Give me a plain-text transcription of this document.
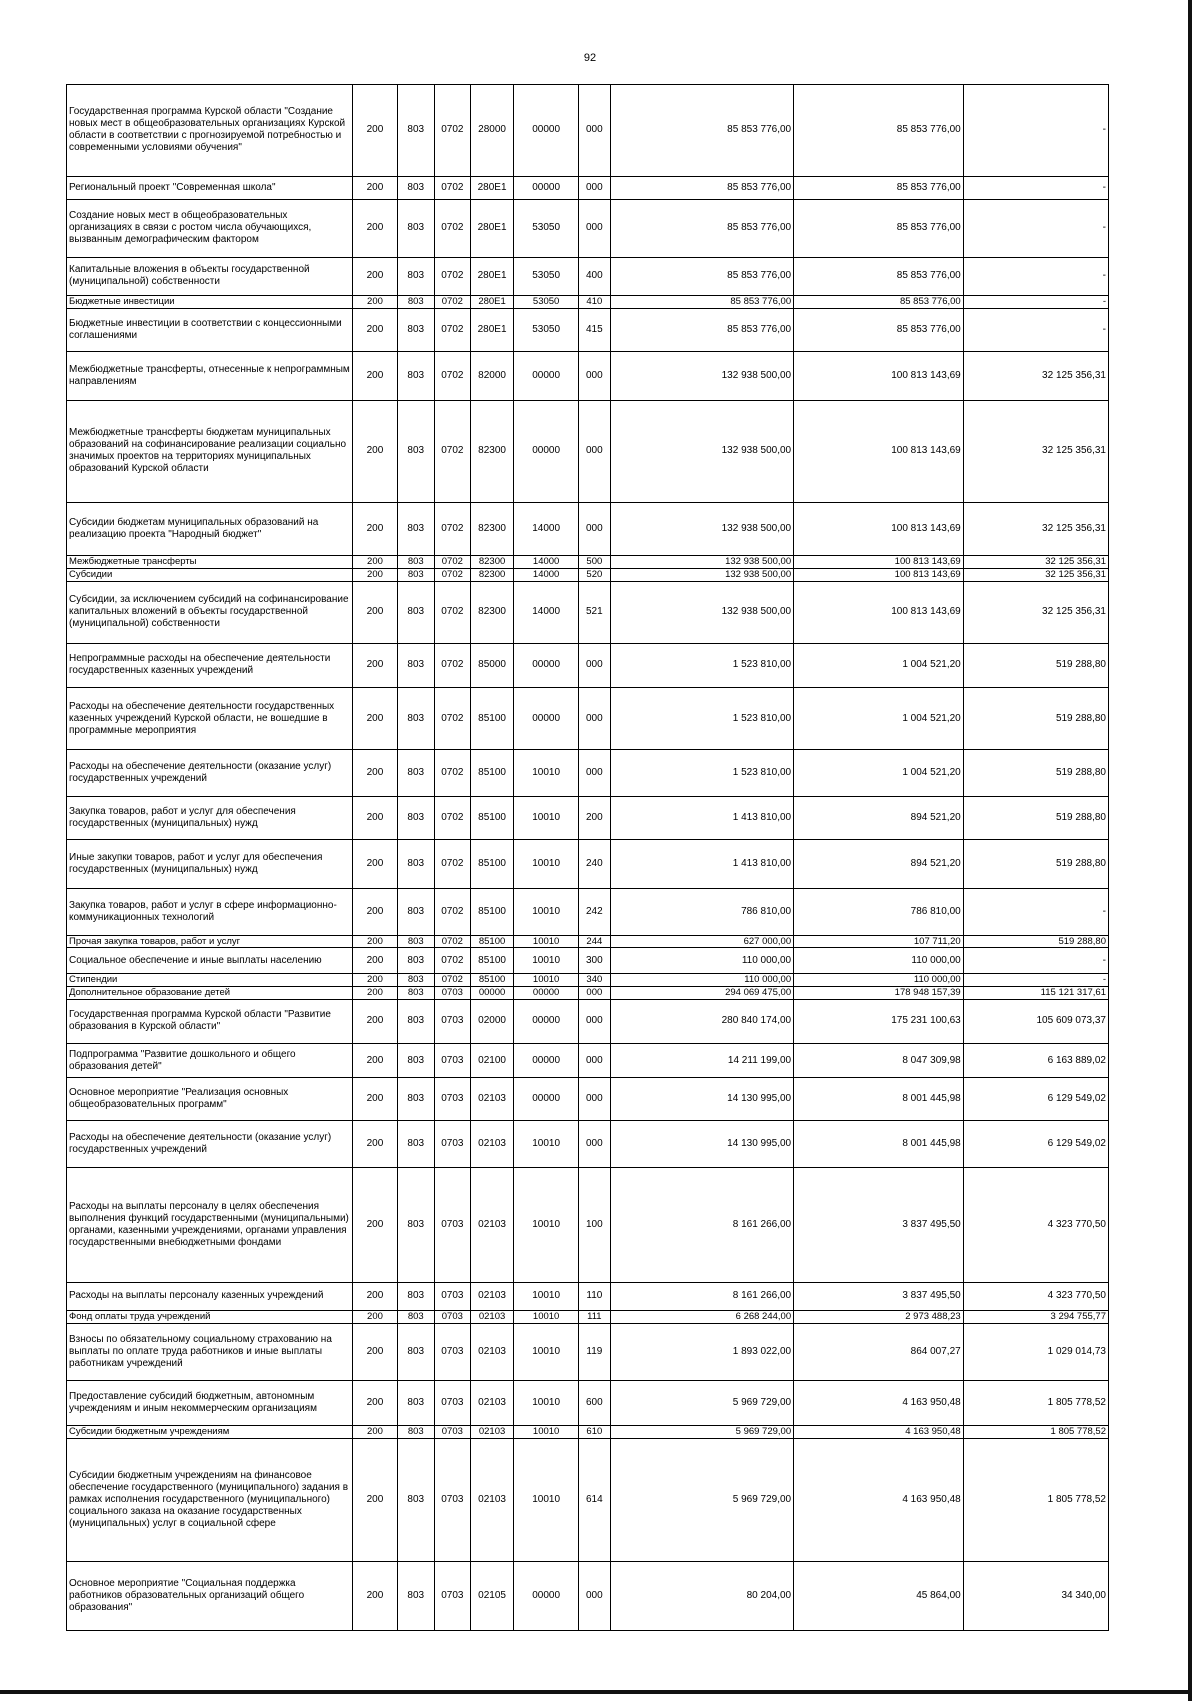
92
Государственная программа Курской области "Создание новых мест в общеобразовательных организациях Курской области в соответствии с прогнозируемой потребностью и современными условиями обучения"	200	803	0702	28000	00000	000	85 853 776,00	85 853 776,00	-
Региональный проект "Современная школа"	200	803	0702	280E1	00000	000	85 853 776,00	85 853 776,00	-
Создание новых мест в общеобразовательных организациях в связи с ростом числа обучающихся, вызванным демографическим фактором	200	803	0702	280E1	53050	000	85 853 776,00	85 853 776,00	-
Капитальные вложения в объекты государственной (муниципальной) собственности	200	803	0702	280E1	53050	400	85 853 776,00	85 853 776,00	-
Бюджетные инвестиции	200	803	0702	280E1	53050	410	85 853 776,00	85 853 776,00	-
Бюджетные инвестиции в соответствии с концессионными соглашениями	200	803	0702	280E1	53050	415	85 853 776,00	85 853 776,00	-
Межбюджетные трансферты, отнесенные к непрограммным направлениям	200	803	0702	82000	00000	000	132 938 500,00	100 813 143,69	32 125 356,31
Межбюджетные трансферты бюджетам муниципальных образований на софинансирование реализации социально значимых проектов на территориях муниципальных образований Курской области	200	803	0702	82300	00000	000	132 938 500,00	100 813 143,69	32 125 356,31
Субсидии бюджетам муниципальных образований на реализацию проекта "Народный бюджет"	200	803	0702	82300	14000	000	132 938 500,00	100 813 143,69	32 125 356,31
Межбюджетные трансферты	200	803	0702	82300	14000	500	132 938 500,00	100 813 143,69	32 125 356,31
Субсидии	200	803	0702	82300	14000	520	132 938 500,00	100 813 143,69	32 125 356,31
Субсидии, за исключением субсидий на софинансирование капитальных вложений в объекты государственной (муниципальной) собственности	200	803	0702	82300	14000	521	132 938 500,00	100 813 143,69	32 125 356,31
Непрограммные расходы на обеспечение деятельности государственных казенных учреждений	200	803	0702	85000	00000	000	1 523 810,00	1 004 521,20	519 288,80
Расходы на обеспечение деятельности государственных казенных учреждений Курской области, не вошедшие в программные мероприятия	200	803	0702	85100	00000	000	1 523 810,00	1 004 521,20	519 288,80
Расходы на обеспечение деятельности (оказание услуг) государственных учреждений	200	803	0702	85100	10010	000	1 523 810,00	1 004 521,20	519 288,80
Закупка товаров, работ и услуг для обеспечения государственных (муниципальных) нужд	200	803	0702	85100	10010	200	1 413 810,00	894 521,20	519 288,80
Иные закупки товаров, работ и услуг для обеспечения государственных (муниципальных) нужд	200	803	0702	85100	10010	240	1 413 810,00	894 521,20	519 288,80
Закупка товаров, работ и услуг в сфере информационно-коммуникационных технологий	200	803	0702	85100	10010	242	786 810,00	786 810,00	-
Прочая закупка товаров, работ и услуг	200	803	0702	85100	10010	244	627 000,00	107 711,20	519 288,80
Социальное обеспечение и иные выплаты населению	200	803	0702	85100	10010	300	110 000,00	110 000,00	-
Стипендии	200	803	0702	85100	10010	340	110 000,00	110 000,00	-
Дополнительное образование детей	200	803	0703	00000	00000	000	294 069 475,00	178 948 157,39	115 121 317,61
Государственная программа Курской области "Развитие образования в Курской области"	200	803	0703	02000	00000	000	280 840 174,00	175 231 100,63	105 609 073,37
Подпрограмма "Развитие дошкольного и общего образования детей"	200	803	0703	02100	00000	000	14 211 199,00	8 047 309,98	6 163 889,02
Основное мероприятие "Реализация основных общеобразовательных программ"	200	803	0703	02103	00000	000	14 130 995,00	8 001 445,98	6 129 549,02
Расходы на обеспечение деятельности (оказание услуг) государственных учреждений	200	803	0703	02103	10010	000	14 130 995,00	8 001 445,98	6 129 549,02
Расходы на выплаты персоналу в целях обеспечения выполнения функций государственными (муниципальными) органами, казенными учреждениями, органами управления государственными внебюджетными фондами	200	803	0703	02103	10010	100	8 161 266,00	3 837 495,50	4 323 770,50
Расходы на выплаты персоналу казенных учреждений	200	803	0703	02103	10010	110	8 161 266,00	3 837 495,50	4 323 770,50
Фонд оплаты труда учреждений	200	803	0703	02103	10010	111	6 268 244,00	2 973 488,23	3 294 755,77
Взносы по обязательному социальному страхованию на выплаты по оплате труда работников и иные выплаты работникам учреждений	200	803	0703	02103	10010	119	1 893 022,00	864 007,27	1 029 014,73
Предоставление субсидий бюджетным, автономным учреждениям и иным некоммерческим организациям	200	803	0703	02103	10010	600	5 969 729,00	4 163 950,48	1 805 778,52
Субсидии бюджетным учреждениям	200	803	0703	02103	10010	610	5 969 729,00	4 163 950,48	1 805 778,52
Субсидии бюджетным учреждениям на финансовое обеспечение государственного (муниципального) задания в рамках исполнения государственного (муниципального) социального заказа на оказание государственных (муниципальных) услуг в социальной сфере	200	803	0703	02103	10010	614	5 969 729,00	4 163 950,48	1 805 778,52
Основное мероприятие "Социальная поддержка работников образовательных организаций общего образования"	200	803	0703	02105	00000	000	80 204,00	45 864,00	34 340,00
